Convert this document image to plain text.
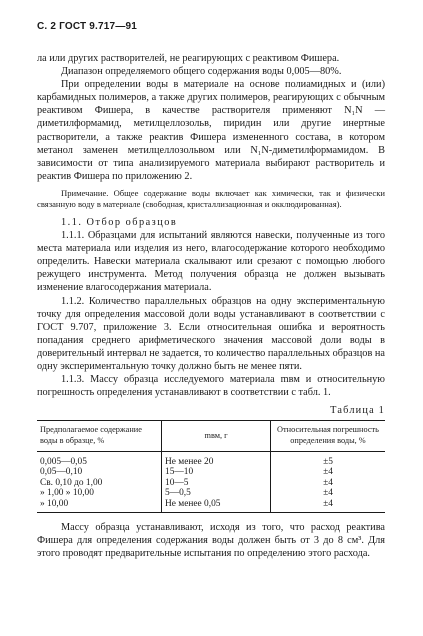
С. 2 ГОСТ 9.717—91

ла или других растворителей, не реагирующих с реактивом Фишера.

Диапазон определяемого общего содержания воды 0,005—80%.

При определении воды в материале на основе полиамидных и (или) карбамидных полимеров, а также других полимеров, реагирующих с обычным реактивом Фишера, в качестве растворителя применяют N₁N — диметилформамид, метилцеллозольв, пиридин или другие инертные растворители, а также реактив Фишера измененного состава, в котором метанол заменен метилцеллозольвом или N₁N-диметилформамидом. В зависимости от типа анализируемого материала выбирают растворитель и реактив Фишера по приложению 2.

Примечание. Общее содержание воды включает как химически, так и физически связанную воду в материале (свободная, кристаллизационная и окклюдированная).

1.1. Отбор образцов

1.1.1. Образцами для испытаний являются навески, полученные из того места материала или изделия из него, влагосодержание которого необходимо определить. Навески материала скалывают или срезают с помощью любого режущего инструмента. Метод получения образца не должен вызывать изменение влагосодержания материала.

1.1.2. Количество параллельных образцов на одну экспериментальную точку для определения массовой доли воды устанавливают в соответствии с ГОСТ 9.707, приложение 3. Если относительная ошибка и вероятность попадания среднего арифметического значения массовой доли воды в доверительный интервал не задается, то количество параллельных образцов на одну экспериментальную точку должно быть не менее пяти.

1.1.3. Массу образца исследуемого материала mвм и относительную погрешность определения устанавливают в соответствии с табл. 1.

Таблица 1
Предполагаемое содержание воды в образце, %	mвм, г	Относительная погрешность определения воды, %
0,005—0,05	Не менее 20	±5
0,05—0,10	15—10	±4
Св. 0,10 до 1,00	10—5	±4
» 1,00 » 10,00	5—0,5	±4
» 10,00	Не менее 0,05	±4

Массу образца устанавливают, исходя из того, что расход реактива Фишера для определения содержания воды должен быть от 3 до 8 см³. Для этого проводят предварительные испытания по определению этого расхода.
